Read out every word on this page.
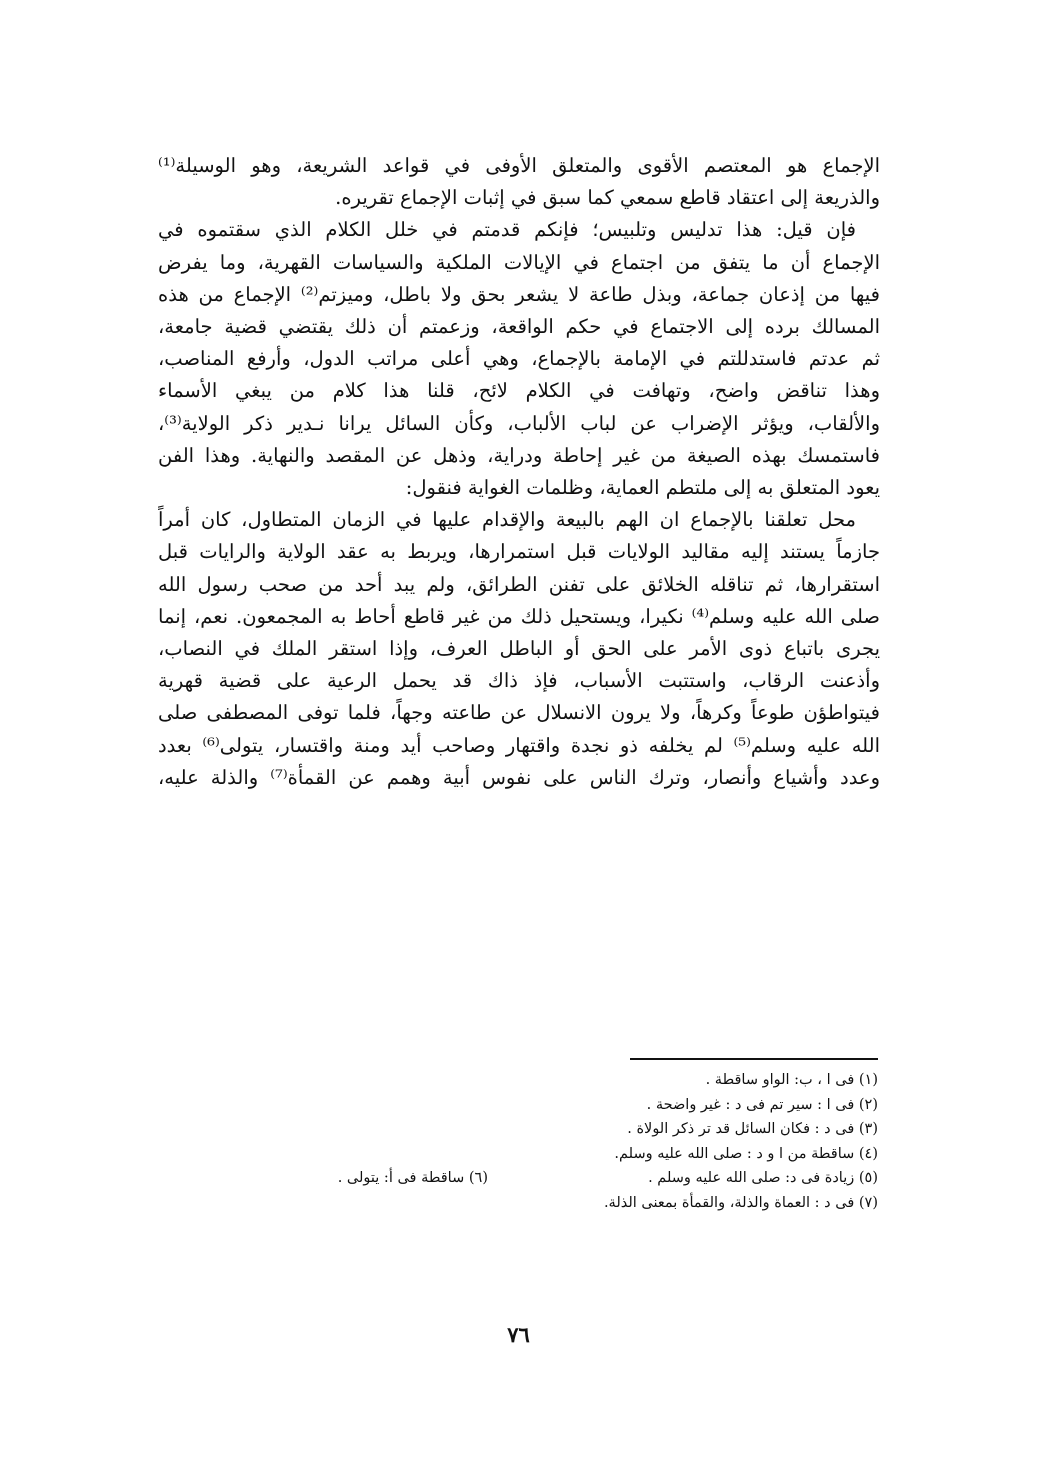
الإجماع هو المعتصم الأقوى والمتعلق الأوفى في قواعد الشريعة، وهو الوسيلة⁽¹⁾
والذريعة إلى اعتقاد قاطع سمعي كما سبق في إثبات الإجماع تقريره.

فإن قيل: هذا تدليس وتلبيس؛ فإنكم قدمتم في خلل الكلام الذي سقتموه في
الإجماع أن ما يتفق من اجتماع في الإيالات الملكية والسياسات القهرية، وما يفرض
فيها من إذعان جماعة، وبذل طاعة لا يشعر بحق ولا باطل، وميزتم⁽²⁾ الإجماع من هذه
المسالك برده إلى الاجتماع في حكم الواقعة، وزعمتم أن ذلك يقتضي قضية جامعة،
ثم عدتم فاستدللتم في الإمامة بالإجماع، وهي أعلى مراتب الدول، وأرفع المناصب،
وهذا تناقض واضح، وتهافت في الكلام لائح، قلنا هذا كلام من يبغي الأسماء
والألقاب، ويؤثر الإضراب عن لباب الألباب، وكأن السائل يرانا نـدير ذكر الولاية⁽³⁾،
فاستمسك بهذه الصيغة من غير إحاطة ودراية، وذهل عن المقصد والنهاية. وهذا الفن
يعود المتعلق به إلى ملتطم العماية، وظلمات الغواية فنقول:

محل تعلقنا بالإجماع ان الهم بالبيعة والإقدام عليها في الزمان المتطاول، كان أمراً
جازماً يستند إليه مقاليد الولايات قبل استمرارها، ويربط به عقد الولاية والرايات قبل
استقرارها، ثم تناقله الخلائق على تفنن الطرائق، ولم يبد أحد من صحب رسول الله
صلى الله عليه وسلم⁽⁴⁾ نكيرا، ويستحيل ذلك من غير قاطع أحاط به المجمعون. نعم، إنما
يجرى باتباع ذوى الأمر على الحق أو الباطل العرف، وإذا استقر الملك في النصاب،
وأذعنت الرقاب، واستتبت الأسباب، فإذ ذاك قد يحمل الرعية على قضية قهرية
فيتواطؤن طوعاً وكرهاً، ولا يرون الانسلال عن طاعته وجهاً، فلما توفى المصطفى صلى
الله عليه وسلم⁽⁵⁾ لم يخلفه ذو نجدة واقتهار وصاحب أيد ومنة واقتسار، يتولى⁽⁶⁾ بعدد
وعدد وأشياع وأنصار، وترك الناس على نفوس أبية وهمم عن القمأة⁽⁷⁾ والذلة عليه،

(١) فى ا ، ب: الواو ساقطة .
(٢) فى ا : سير تم فى د : غير واضحة .
(٣) فى د : فكان السائل قد تر ذكر الولاة .
(٤) ساقطة من ا و د : صلى الله عليه وسلم.
(٥) زيادة فى د: صلى الله عليه وسلم .
(٦) ساقطة فى أ: يتولى .
(٧) فى د : العماة والذلة، والقمأة بمعنى الذلة.
٧٦
